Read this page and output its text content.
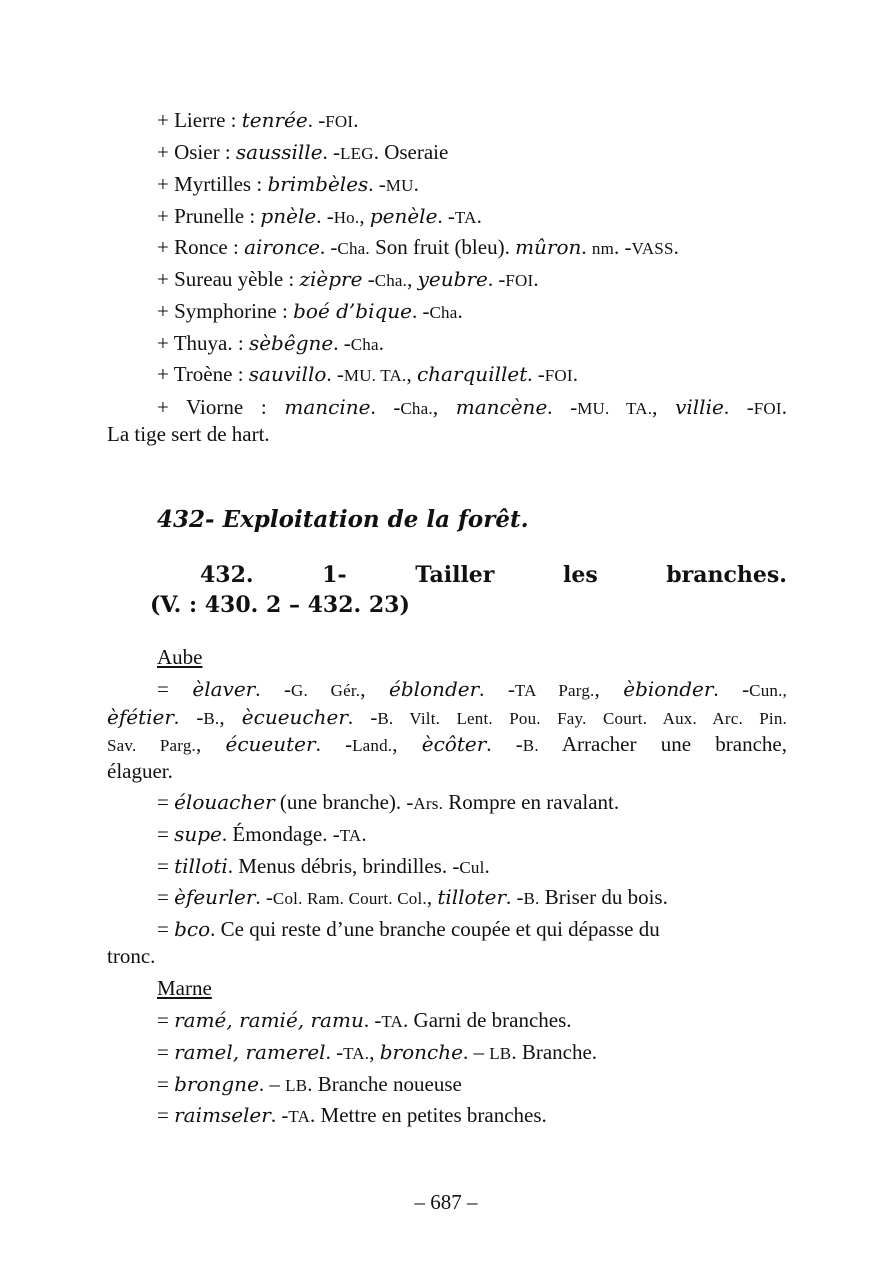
+ Lierre : tenrée. -FOI.
+ Osier : saussille. -LEG. Oseraie
+ Myrtilles : brimbèles. -MU.
+ Prunelle : pnèle. -Ho., penèle. -TA.
+ Ronce : aironce. -Cha. Son fruit (bleu). mûron. nm. -VASS.
+ Sureau yèble : zièpre -Cha., yeubre. -FOI.
+ Symphorine : boé d’bique. -Cha.
+ Thuya. : sèbêgne. -Cha.
+ Troène : sauvillo. -MU. TA., charquillet. -FOI.
+ Viorne : mancine. -Cha., mancène. -MU. TA., villie. -FOI.
La tige sert de hart.
432- Exploitation de la forêt.
432.	1-	Tailler	les	branches.
(V. : 430. 2 – 432. 23)
Aube
= èlaver. -G. Gér., éblonder. -TA Parg., èbionder. -Cun.,
èfétier. -B., ècueucher. -B. Vilt. Lent. Pou. Fay. Court. Aux. Arc. Pin.
Sav. Parg., écueuter. -Land., ècôter. -B. Arracher une branche,
élaguer.
= élouacher (une branche). -Ars. Rompre en ravalant.
= supe. Émondage. -TA.
= tilloti. Menus débris, brindilles. -Cul.
= èfeurler. -Col. Ram. Court. Col., tilloter. -B. Briser du bois.
= bco. Ce qui reste d’une branche coupée et qui dépasse du
tronc.
Marne
= ramé, ramié, ramu. -TA. Garni de branches.
= ramel, ramerel. -TA., bronche. – LB. Branche.
= brongne. – LB. Branche noueuse
= raimseler. -TA. Mettre en petites branches.
– 687 –
